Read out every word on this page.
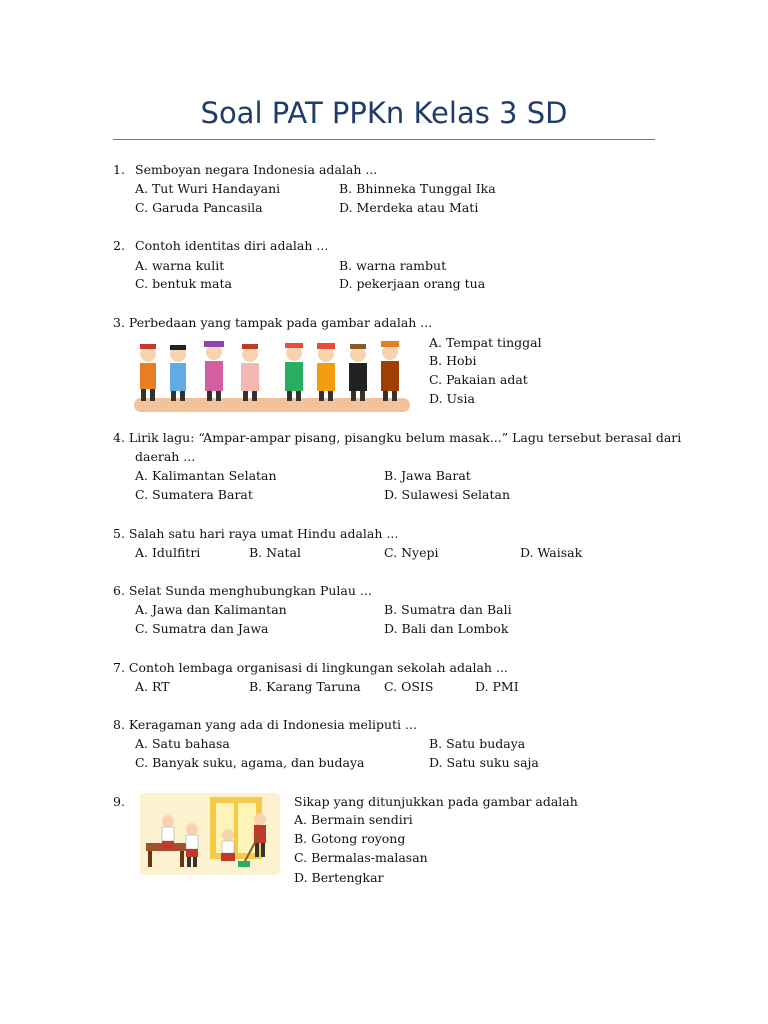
Soal PAT PPKn Kelas 3 SD
1. Semboyan negara Indonesia adalah ...
A. Tut Wuri Handayani	B. Bhinneka Tunggal Ika
C. Garuda Pancasila	D. Merdeka atau Mati
2. Contoh identitas diri adalah ...
A. warna kulit	B. warna rambut
C. bentuk mata	D. pekerjaan orang tua
3. Perbedaan yang tampak pada gambar adalah ...
A. Tempat tinggal
B. Hobi
C. Pakaian adat
D. Usia
4. Lirik lagu: “Ampar-ampar pisang, pisangku belum masak...” Lagu tersebut berasal dari
daerah ...
A. Kalimantan Selatan	B. Jawa Barat
C. Sumatera Barat	D. Sulawesi Selatan
5. Salah satu hari raya umat Hindu adalah ...
A. Idulfitri	B. Natal	C. Nyepi	D. Waisak
6. Selat Sunda menghubungkan Pulau ...
A. Jawa dan Kalimantan	B. Sumatra dan Bali
C. Sumatra dan Jawa	D. Bali dan Lombok
7. Contoh lembaga organisasi di lingkungan sekolah adalah ...
A. RT	B. Karang Taruna C. OSIS	D. PMI
8. Keragaman yang ada di Indonesia meliputi ...
A. Satu bahasa	B. Satu budaya
C. Banyak suku, agama, dan budaya	D. Satu suku saja
9.	Sikap yang ditunjukkan pada gambar adalah
A. Bermain sendiri
B. Gotong royong
C. Bermalas-malasan
D. Bertengkar
